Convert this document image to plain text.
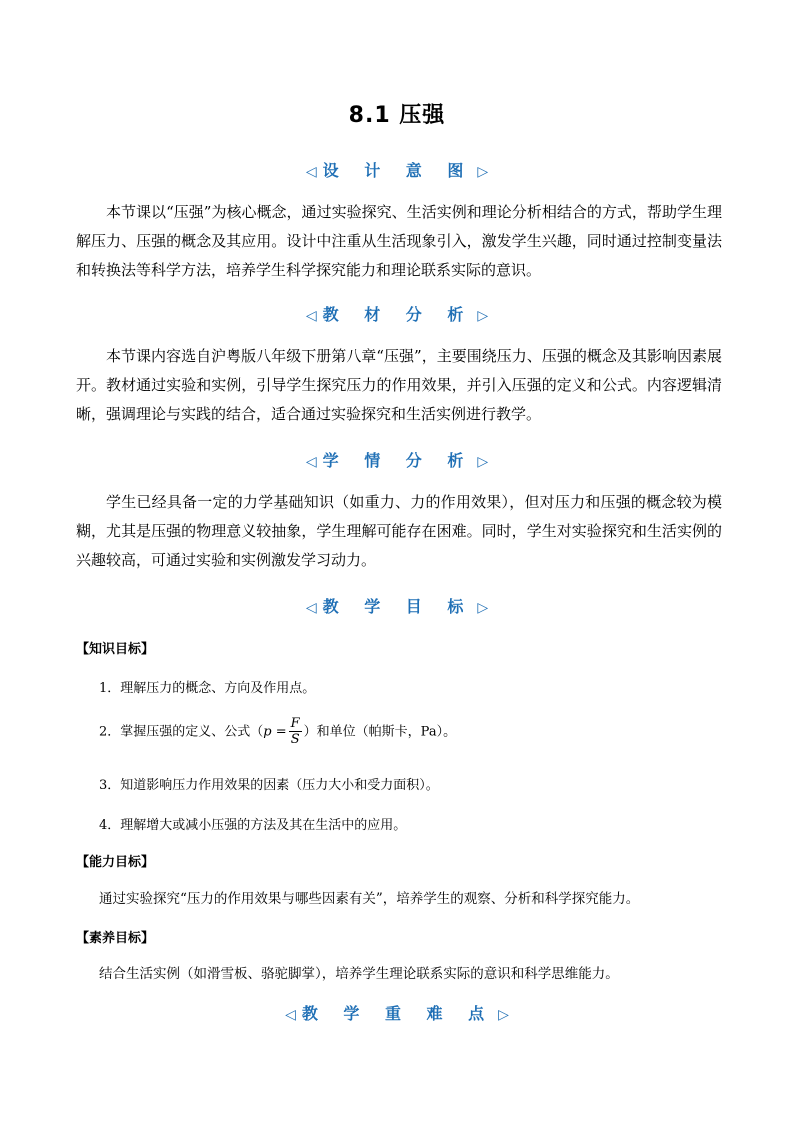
8.1 压强
◁ 设 计 意 图 ▷
本节课以“压强”为核心概念，通过实验探究、生活实例和理论分析相结合的方式，帮助学生理解压力、压强的概念及其应用。设计中注重从生活现象引入，激发学生兴趣，同时通过控制变量法和转换法等科学方法，培养学生科学探究能力和理论联系实际的意识。
◁ 教 材 分 析 ▷
本节课内容选自沪粤版八年级下册第八章“压强”，主要围绕压力、压强的概念及其影响因素展开。教材通过实验和实例，引导学生探究压力的作用效果，并引入压强的定义和公式。内容逻辑清晰，强调理论与实践的结合，适合通过实验探究和生活实例进行教学。
◁ 学 情 分 析 ▷
学生已经具备一定的力学基础知识（如重力、力的作用效果），但对压力和压强的概念较为模糊，尤其是压强的物理意义较抽象，学生理解可能存在困难。同时，学生对实验探究和生活实例的兴趣较高，可通过实验和实例激发学习动力。
◁ 教 学 目 标 ▷
【知识目标】
1．理解压力的概念、方向及作用点。
2．掌握压强的定义、公式（$p = \frac{F}{S}$ ）和单位（帕斯卡，Pa）。
3．知道影响压力作用效果的因素（压力大小和受力面积）。
4．理解增大或减小压强的方法及其在生活中的应用。
【能力目标】
通过实验探究“压力的作用效果与哪些因素有关”，培养学生的观察、分析和科学探究能力。
【素养目标】
结合生活实例（如滑雪板、骆驼脚掌），培养学生理论联系实际的意识和科学思维能力。
◁ 教 学 重 难 点 ▷
